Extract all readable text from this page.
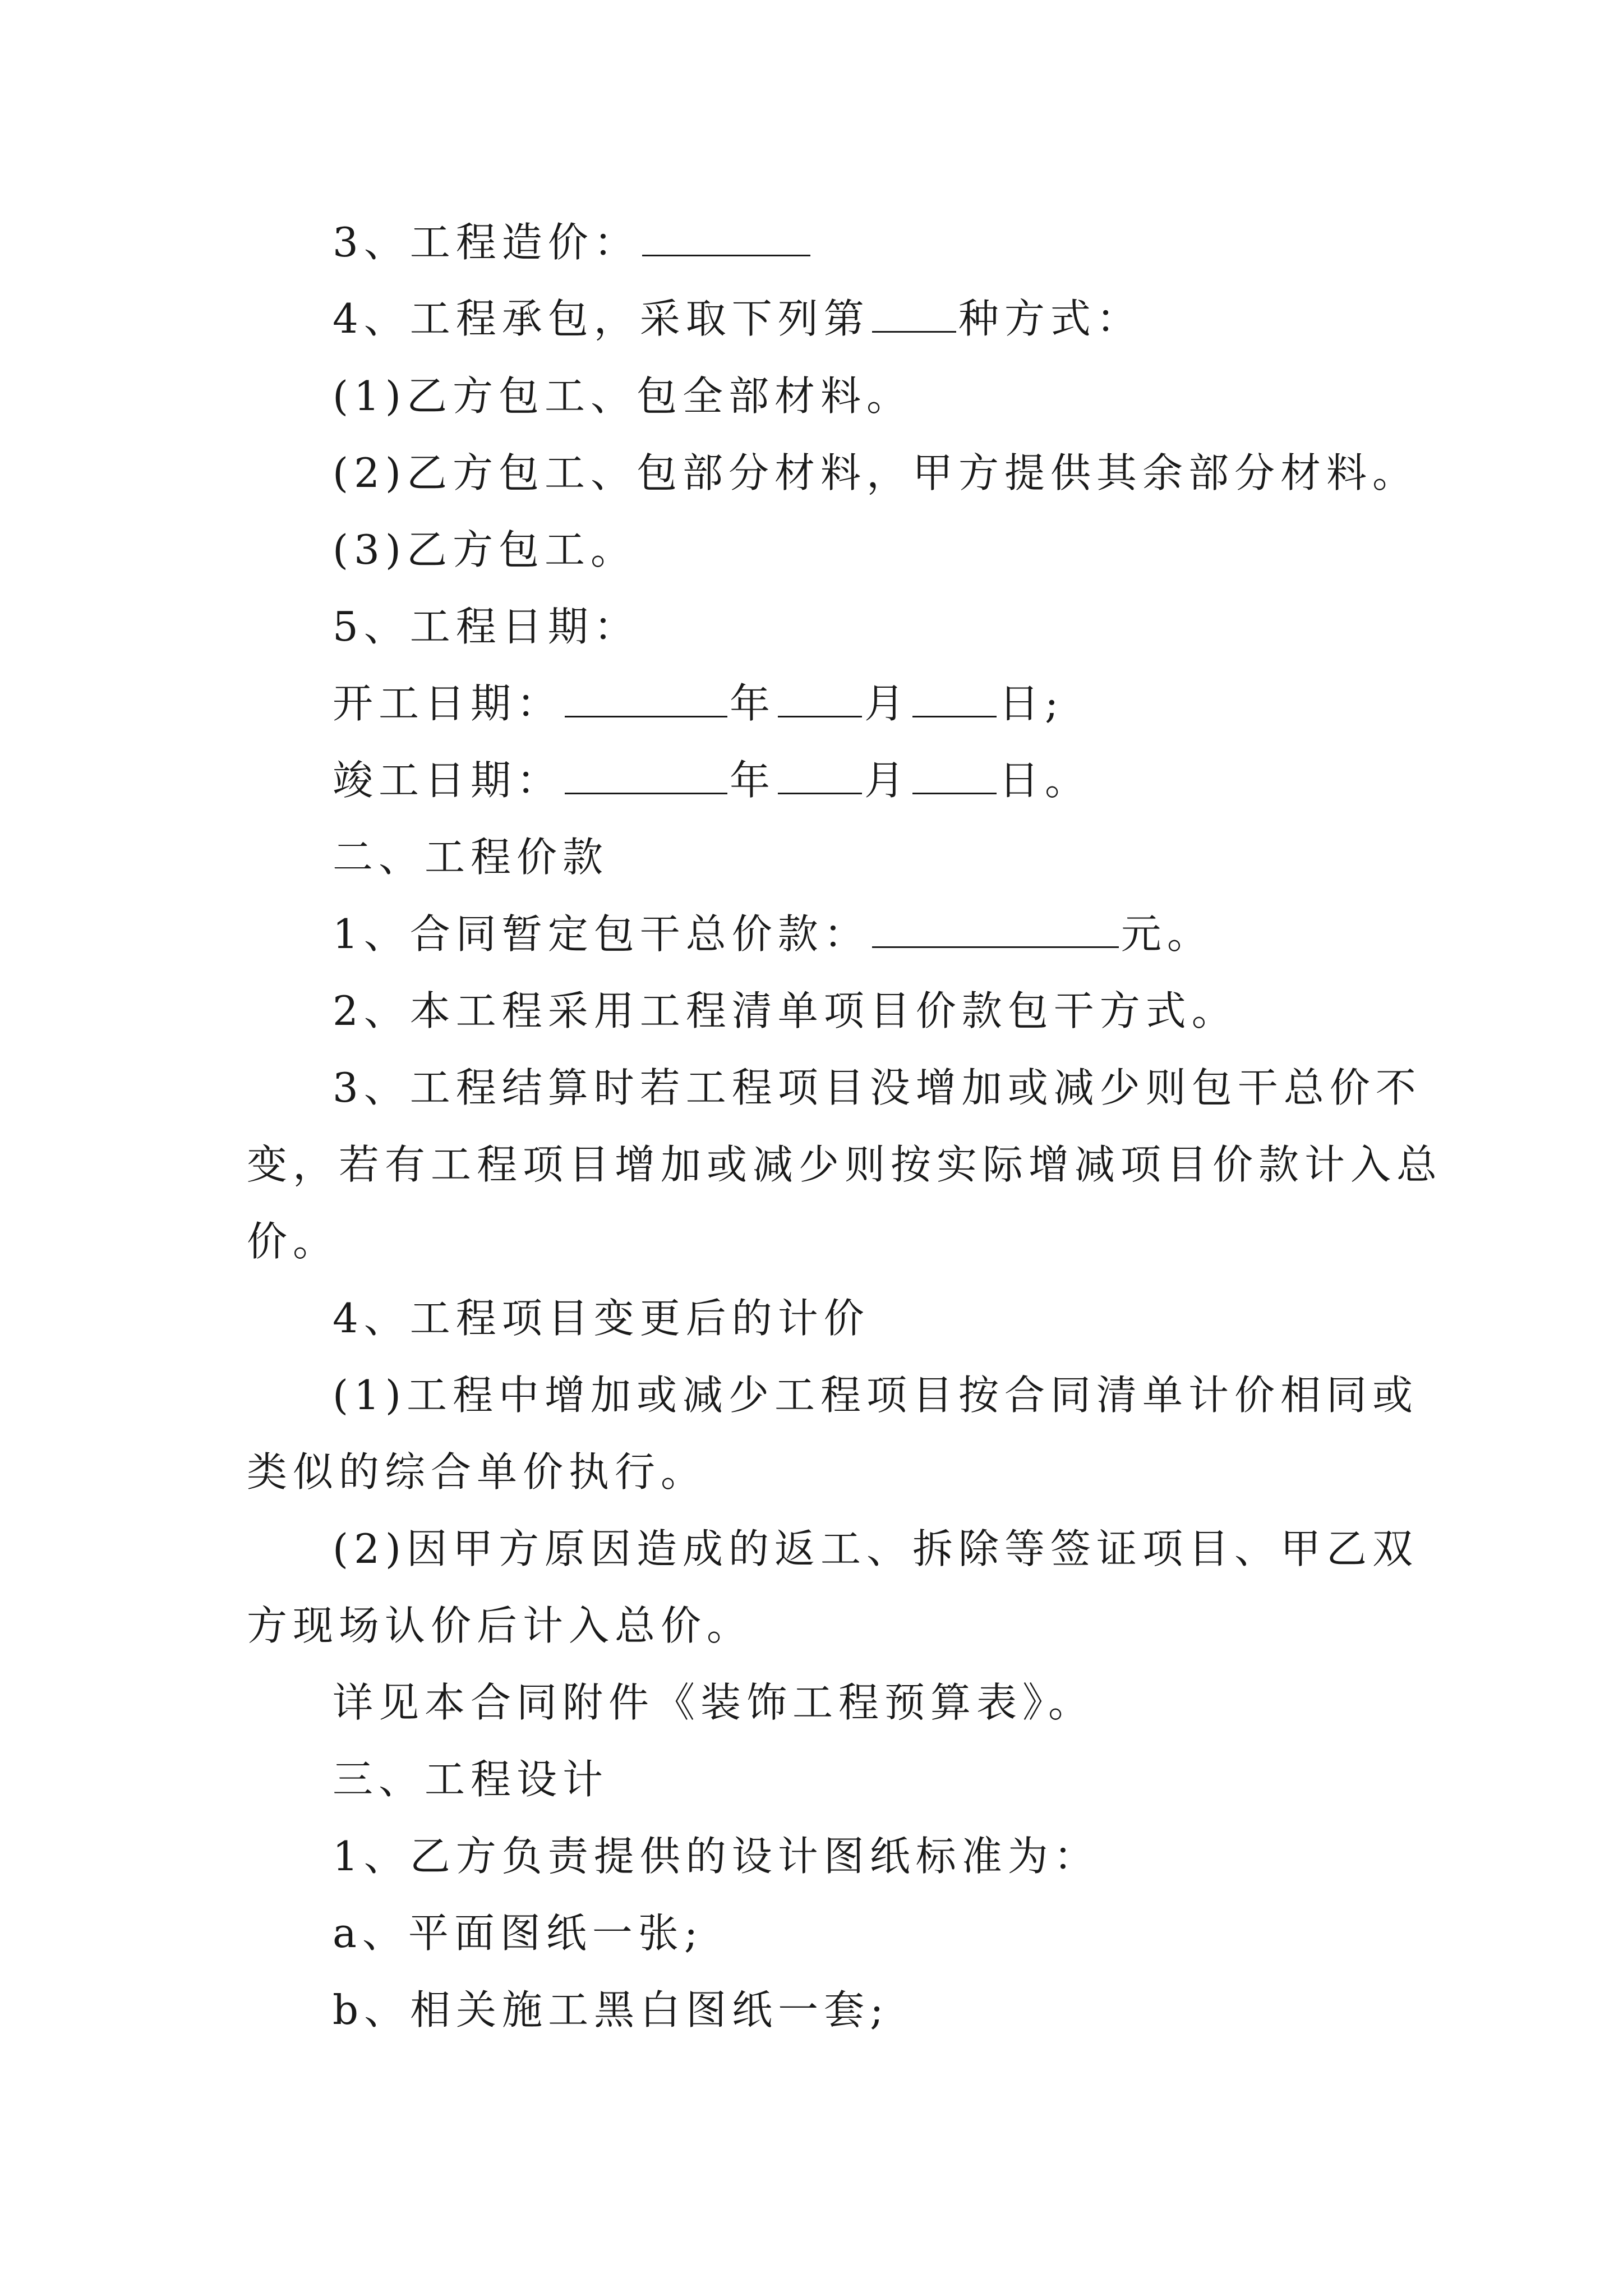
3、工程造价：
4、工程承包，采取下列第 种方式：
(1)乙方包工、包全部材料。
(2)乙方包工、包部分材料，甲方提供其余部分材料。
(3)乙方包工。
5、工程日期：
开工日期：	年 月 日;
竣工日期：	年 月 日。
二、工程价款
1、合同暂定包干总价款：	元。
2、本工程采用工程清单项目价款包干方式。
3、工程结算时若工程项目没增加或减少则包干总价不
变，若有工程项目增加或减少则按实际增减项目价款计入总
价。
4、工程项目变更后的计价
(1)工程中增加或减少工程项目按合同清单计价相同或
类似的综合单价执行。
(2)因甲方原因造成的返工、拆除等签证项目、甲乙双
方现场认价后计入总价。
详见本合同附件《装饰工程预算表》。
三、工程设计
1、乙方负责提供的设计图纸标准为：
a、平面图纸一张;
b、相关施工黑白图纸一套;
